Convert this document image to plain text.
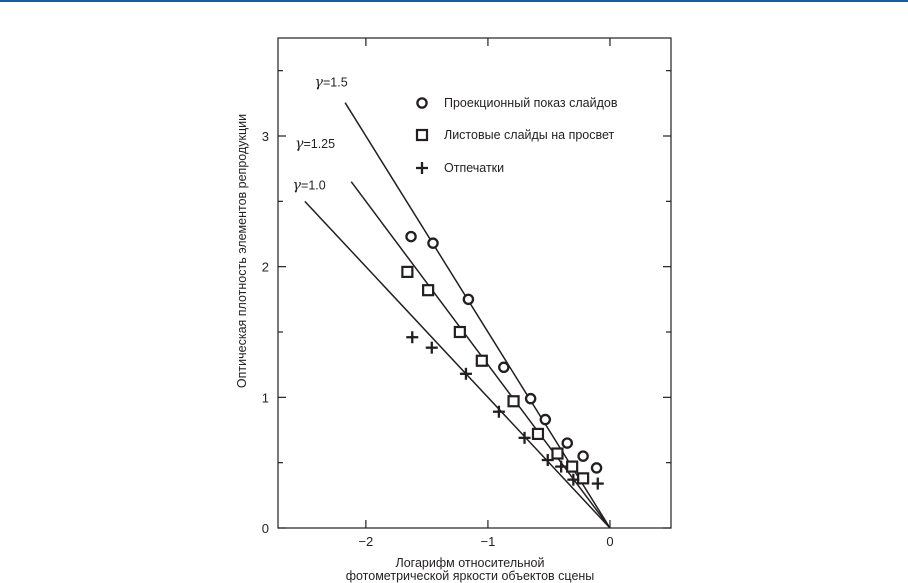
−2	−1	0
0
1
2
3
γ=1.5
γ=1.25
γ=1.0
Проекционный показ слайдов
Листовые слайды на просвет
Отпечатки
Логарифм относительной
фотометрической яркости объектов сцены
Оптическая плотность элементов репродукции
